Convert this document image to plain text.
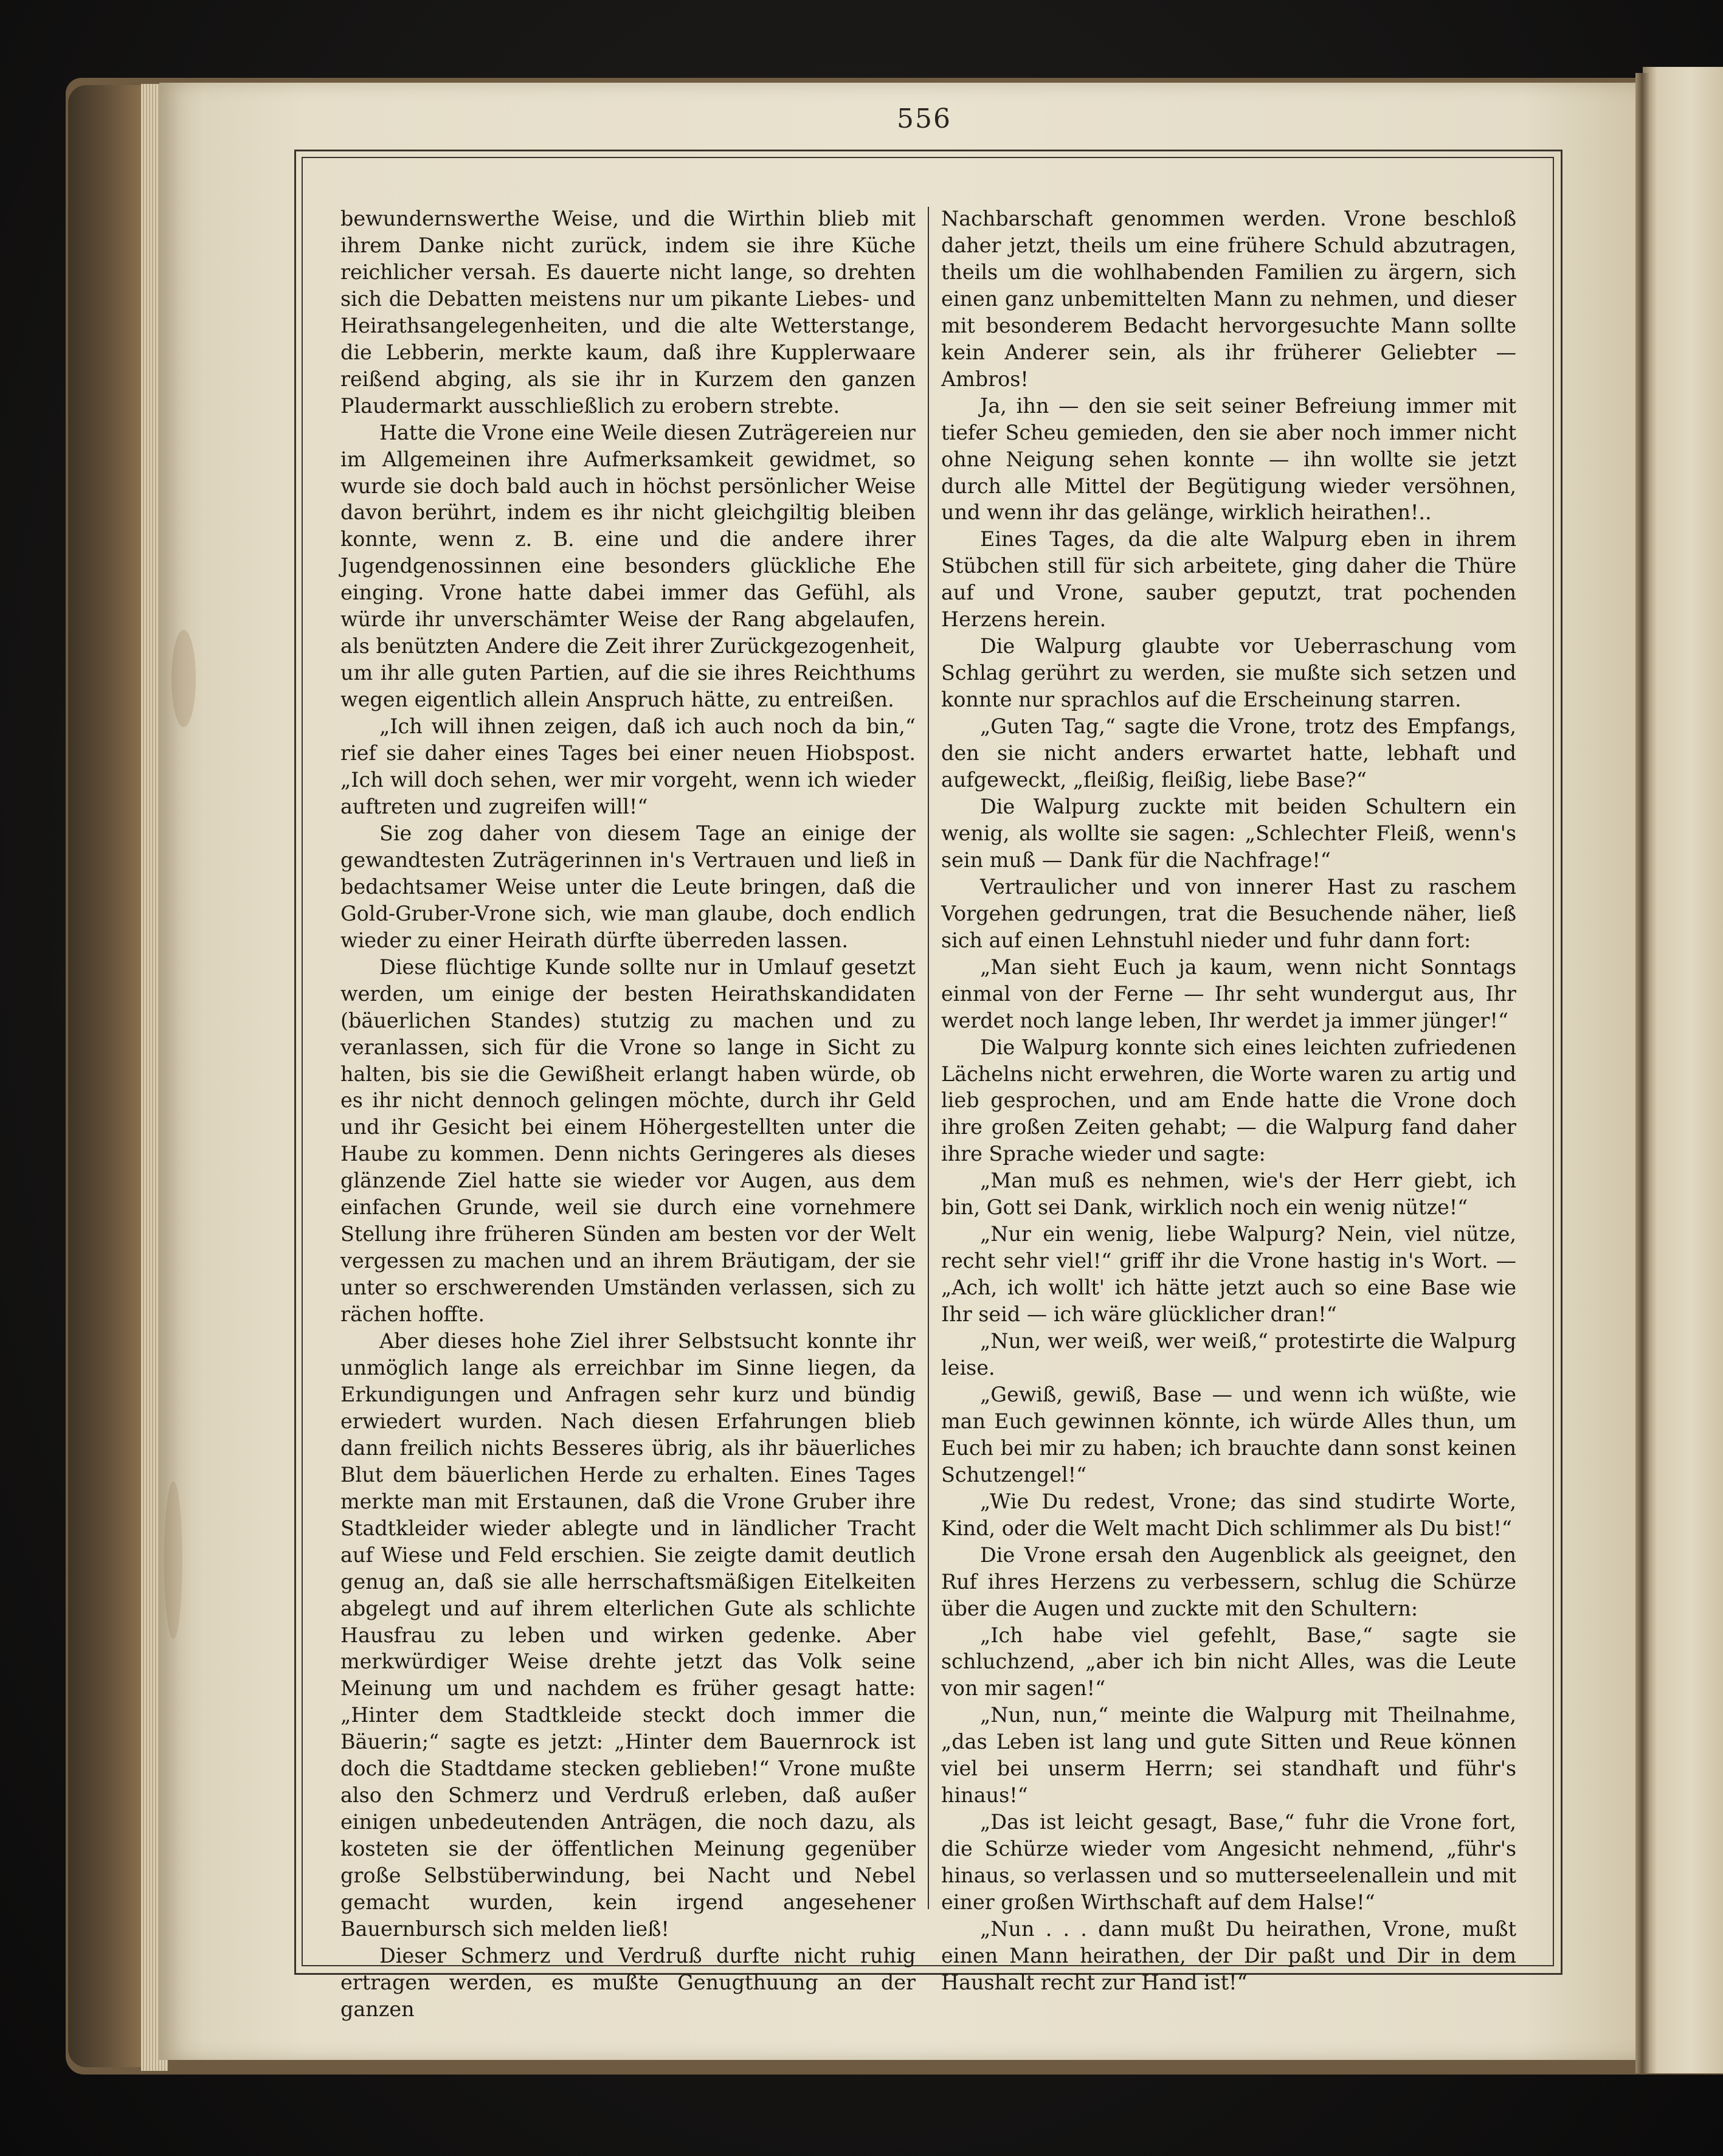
556

bewundernswerthe Weise, und die Wirthin blieb mit ihrem Danke nicht zurück, indem sie ihre Küche reichlicher versah. Es dauerte nicht lange, so drehten sich die Debatten meistens nur um pikante Liebes- und Heirathsangelegenheiten, und die alte Wetterstange, die Lebberin, merkte kaum, daß ihre Kupplerwaare reißend abging, als sie ihr in Kurzem den ganzen Plaudermarkt ausschließlich zu erobern strebte.

Hatte die Vrone eine Weile diesen Zuträgereien nur im Allgemeinen ihre Aufmerksamkeit gewidmet, so wurde sie doch bald auch in höchst persönlicher Weise davon berührt, indem es ihr nicht gleichgiltig bleiben konnte, wenn z. B. eine und die andere ihrer Jugendgenossinnen eine besonders glückliche Ehe einging. Vrone hatte dabei immer das Gefühl, als würde ihr unverschämter Weise der Rang abgelaufen, als benützten Andere die Zeit ihrer Zurückgezogenheit, um ihr alle guten Partien, auf die sie ihres Reichthums wegen eigentlich allein Anspruch hätte, zu entreißen.

„Ich will ihnen zeigen, daß ich auch noch da bin,“ rief sie daher eines Tages bei einer neuen Hiobspost. „Ich will doch sehen, wer mir vorgeht, wenn ich wieder auftreten und zugreifen will!“

Sie zog daher von diesem Tage an einige der gewandtesten Zuträgerinnen in's Vertrauen und ließ in bedachtsamer Weise unter die Leute bringen, daß die Gold-Gruber-Vrone sich, wie man glaube, doch endlich wieder zu einer Heirath dürfte überreden lassen.

Diese flüchtige Kunde sollte nur in Umlauf gesetzt werden, um einige der besten Heirathskandidaten (bäuerlichen Standes) stutzig zu machen und zu veranlassen, sich für die Vrone so lange in Sicht zu halten, bis sie die Gewißheit erlangt haben würde, ob es ihr nicht dennoch gelingen möchte, durch ihr Geld und ihr Gesicht bei einem Höhergestellten unter die Haube zu kommen. Denn nichts Geringeres als dieses glänzende Ziel hatte sie wieder vor Augen, aus dem einfachen Grunde, weil sie durch eine vornehmere Stellung ihre früheren Sünden am besten vor der Welt vergessen zu machen und an ihrem Bräutigam, der sie unter so erschwerenden Umständen verlassen, sich zu rächen hoffte.

Aber dieses hohe Ziel ihrer Selbstsucht konnte ihr unmöglich lange als erreichbar im Sinne liegen, da Erkundigungen und Anfragen sehr kurz und bündig erwiedert wurden. Nach diesen Erfahrungen blieb dann freilich nichts Besseres übrig, als ihr bäuerliches Blut dem bäuerlichen Herde zu erhalten. Eines Tages merkte man mit Erstaunen, daß die Vrone Gruber ihre Stadtkleider wieder ablegte und in ländlicher Tracht auf Wiese und Feld erschien. Sie zeigte damit deutlich genug an, daß sie alle herrschaftsmäßigen Eitelkeiten abgelegt und auf ihrem elterlichen Gute als schlichte Hausfrau zu leben und wirken gedenke. Aber merkwürdiger Weise drehte jetzt das Volk seine Meinung um und nachdem es früher gesagt hatte: „Hinter dem Stadtkleide steckt doch immer die Bäuerin;“ sagte es jetzt: „Hinter dem Bauernrock ist doch die Stadtdame stecken geblieben!“ Vrone mußte also den Schmerz und Verdruß erleben, daß außer einigen unbedeutenden Anträgen, die noch dazu, als kosteten sie der öffentlichen Meinung gegenüber große Selbstüberwindung, bei Nacht und Nebel gemacht wurden, kein irgend angesehener Bauernbursch sich melden ließ!

Dieser Schmerz und Verdruß durfte nicht ruhig ertragen werden, es mußte Genugthuung an der ganzen

Nachbarschaft genommen werden. Vrone beschloß daher jetzt, theils um eine frühere Schuld abzutragen, theils um die wohlhabenden Familien zu ärgern, sich einen ganz unbemittelten Mann zu nehmen, und dieser mit besonderem Bedacht hervorgesuchte Mann sollte kein Anderer sein, als ihr früherer Geliebter — Ambros!

Ja, ihn — den sie seit seiner Befreiung immer mit tiefer Scheu gemieden, den sie aber noch immer nicht ohne Neigung sehen konnte — ihn wollte sie jetzt durch alle Mittel der Begütigung wieder versöhnen, und wenn ihr das gelänge, wirklich heirathen!..

Eines Tages, da die alte Walpurg eben in ihrem Stübchen still für sich arbeitete, ging daher die Thüre auf und Vrone, sauber geputzt, trat pochenden Herzens herein.

Die Walpurg glaubte vor Ueberraschung vom Schlag gerührt zu werden, sie mußte sich setzen und konnte nur sprachlos auf die Erscheinung starren.

„Guten Tag,“ sagte die Vrone, trotz des Empfangs, den sie nicht anders erwartet hatte, lebhaft und aufgeweckt, „fleißig, fleißig, liebe Base?“

Die Walpurg zuckte mit beiden Schultern ein wenig, als wollte sie sagen: „Schlechter Fleiß, wenn's sein muß — Dank für die Nachfrage!“

Vertraulicher und von innerer Hast zu raschem Vorgehen gedrungen, trat die Besuchende näher, ließ sich auf einen Lehnstuhl nieder und fuhr dann fort:

„Man sieht Euch ja kaum, wenn nicht Sonntags einmal von der Ferne — Ihr seht wundergut aus, Ihr werdet noch lange leben, Ihr werdet ja immer jünger!“

Die Walpurg konnte sich eines leichten zufriedenen Lächelns nicht erwehren, die Worte waren zu artig und lieb gesprochen, und am Ende hatte die Vrone doch ihre großen Zeiten gehabt; — die Walpurg fand daher ihre Sprache wieder und sagte:

„Man muß es nehmen, wie's der Herr giebt, ich bin, Gott sei Dank, wirklich noch ein wenig nütze!“

„Nur ein wenig, liebe Walpurg? Nein, viel nütze, recht sehr viel!“ griff ihr die Vrone hastig in's Wort. — „Ach, ich wollt' ich hätte jetzt auch so eine Base wie Ihr seid — ich wäre glücklicher dran!“

„Nun, wer weiß, wer weiß,“ protestirte die Walpurg leise.

„Gewiß, gewiß, Base — und wenn ich wüßte, wie man Euch gewinnen könnte, ich würde Alles thun, um Euch bei mir zu haben; ich brauchte dann sonst keinen Schutzengel!“

„Wie Du redest, Vrone; das sind studirte Worte, Kind, oder die Welt macht Dich schlimmer als Du bist!“

Die Vrone ersah den Augenblick als geeignet, den Ruf ihres Herzens zu verbessern, schlug die Schürze über die Augen und zuckte mit den Schultern:

„Ich habe viel gefehlt, Base,“ sagte sie schluchzend, „aber ich bin nicht Alles, was die Leute von mir sagen!“

„Nun, nun,“ meinte die Walpurg mit Theilnahme, „das Leben ist lang und gute Sitten und Reue können viel bei unserm Herrn; sei standhaft und führ's hinaus!“

„Das ist leicht gesagt, Base,“ fuhr die Vrone fort, die Schürze wieder vom Angesicht nehmend, „führ's hinaus, so verlassen und so mutterseelenallein und mit einer großen Wirthschaft auf dem Halse!“

„Nun . . . dann mußt Du heirathen, Vrone, mußt einen Mann heirathen, der Dir paßt und Dir in dem Haushalt recht zur Hand ist!“
